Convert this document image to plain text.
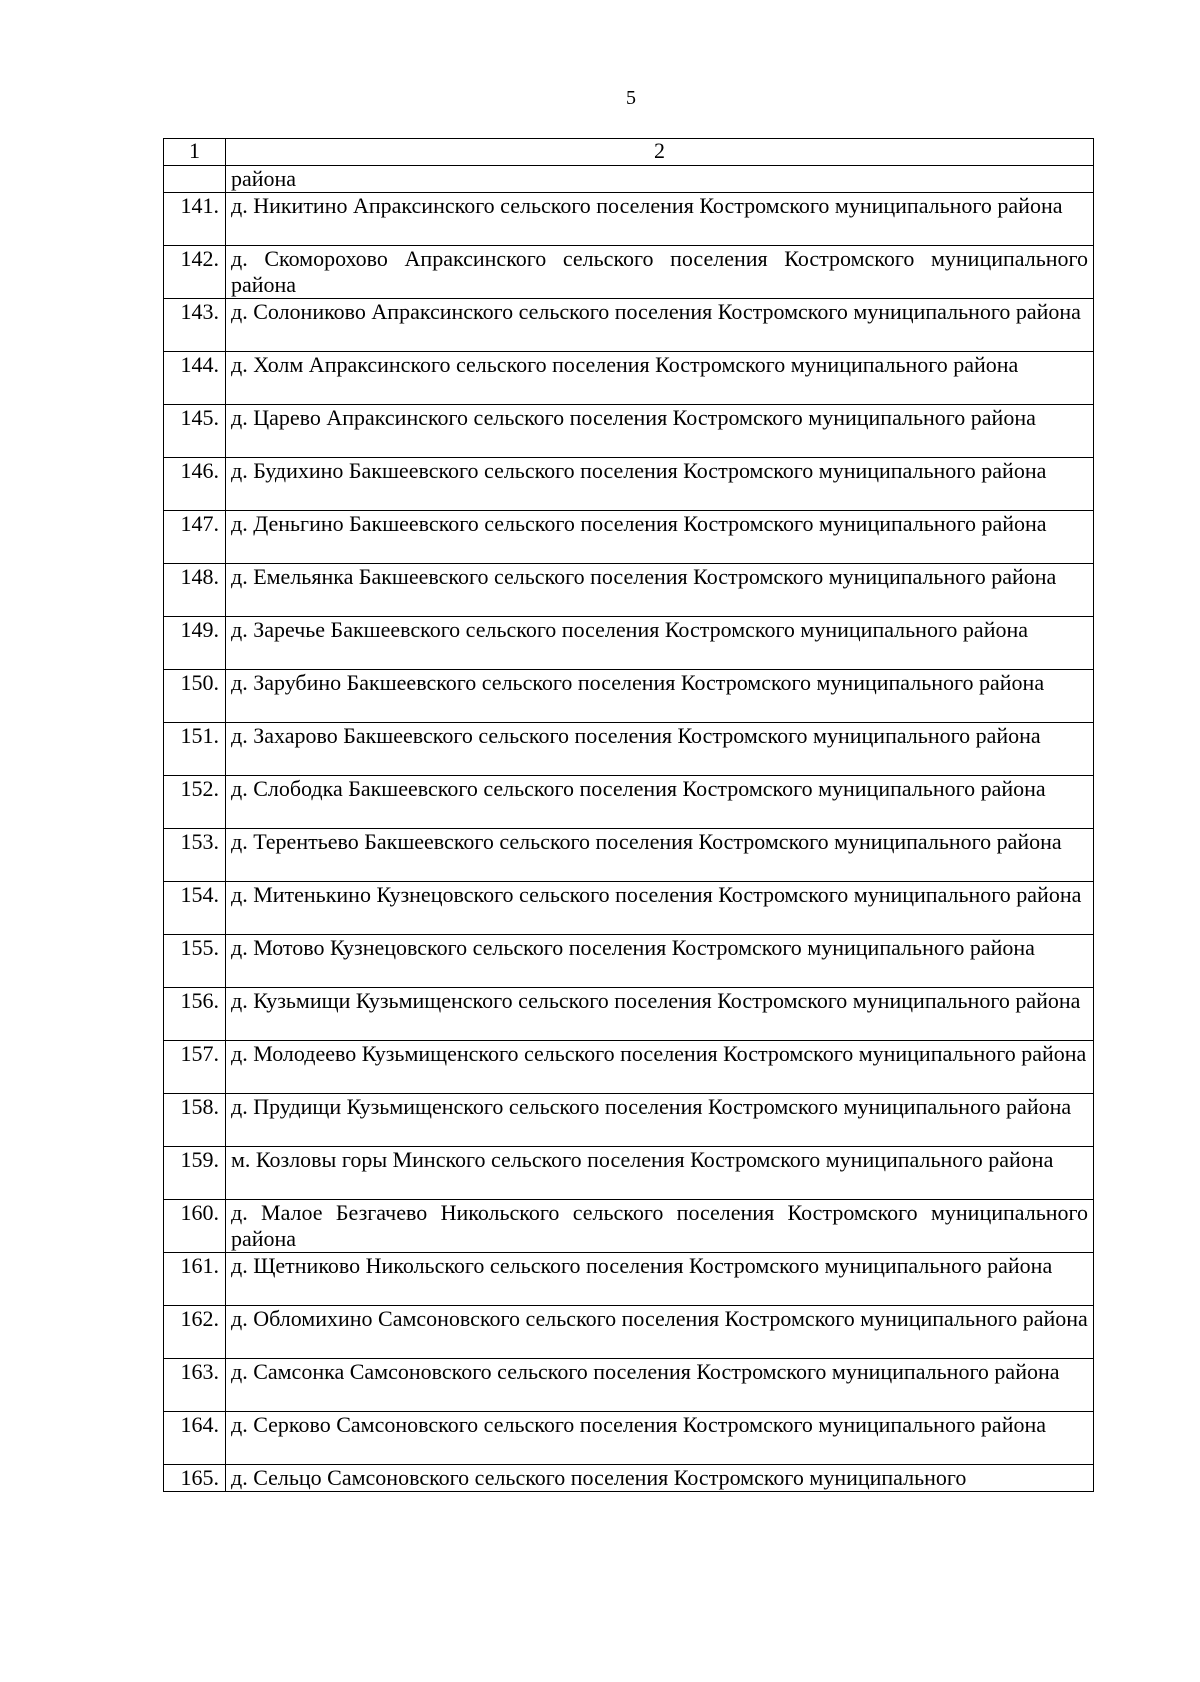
5
1	2
	района
141.	д. Никитино Апраксинского сельского поселения Костромского муниципального района
142.	д. Скоморохово Апраксинского сельского поселения Костромского муниципального района
143.	д. Солониково Апраксинского сельского поселения Костромского муниципального района
144.	д. Холм Апраксинского сельского поселения Костромского муниципального района
145.	д. Царево Апраксинского сельского поселения Костромского муниципального района
146.	д. Будихино Бакшеевского сельского поселения Костромского муниципального района
147.	д. Деньгино Бакшеевского сельского поселения Костромского муниципального района
148.	д. Емельянка Бакшеевского сельского поселения Костромского муниципального района
149.	д. Заречье Бакшеевского сельского поселения Костромского муниципального района
150.	д. Зарубино Бакшеевского сельского поселения Костромского муниципального района
151.	д. Захарово Бакшеевского сельского поселения Костромского муниципального района
152.	д. Слободка Бакшеевского сельского поселения Костромского муниципального района
153.	д. Терентьево Бакшеевского сельского поселения Костромского муниципального района
154.	д. Митенькино Кузнецовского сельского поселения Костромского муниципального района
155.	д. Мотово Кузнецовского сельского поселения Костромского муниципального района
156.	д. Кузьмищи Кузьмищенского сельского поселения Костромского муниципального района
157.	д. Молодеево Кузьмищенского сельского поселения Костромского муниципального района
158.	д. Прудищи Кузьмищенского сельского поселения Костромского муниципального района
159.	м. Козловы горы Минского сельского поселения Костромского муниципального района
160.	д. Малое Безгачево Никольского сельского поселения Костромского муниципального района
161.	д. Щетниково Никольского сельского поселения Костромского муниципального района
162.	д. Обломихино Самсоновского сельского поселения Костромского муниципального района
163.	д. Самсонка Самсоновского сельского поселения Костромского муниципального района
164.	д. Серково Самсоновского сельского поселения Костромского муниципального района
165.	д. Сельцо Самсоновского сельского поселения Костромского муниципального
